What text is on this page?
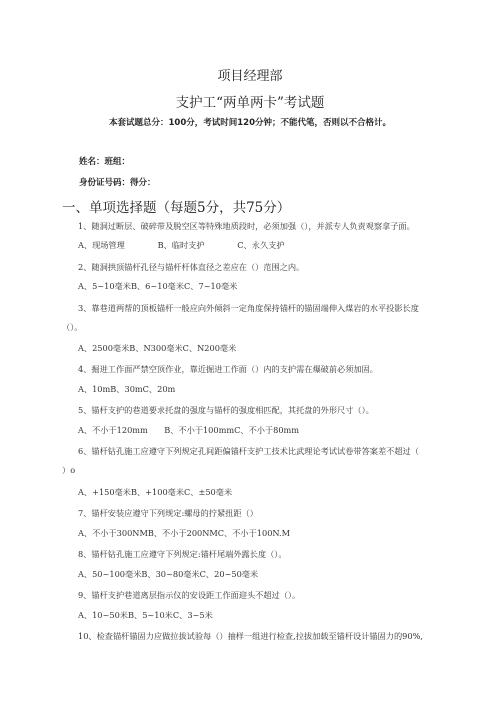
项目经理部
支护工“两单两卡”考试题
本套试题总分：100分，考试时间120分钟；不能代笔，否则以不合格计。
姓名：班组：
身份证号码：得分：
一、单项选择题（每题5分，共75分）
1、随洞过断层、破碎带及脱空区等特殊地质段时，必须加强（），并派专人负责观察拿子面。
A、现场管理　　　　B、临时支护　　　　C、永久支护
2、随洞拱顶锚杆孔径与锚杆杆体直径之差应在（）范围之内。
A、5~10毫米B、6~10毫米C、7~10毫米
3、靠巷道两帮的顶板锚杆一般应向外倾斜一定角度保持锚杆的锚固端伸入煤岩的水平投影长度
（）。
A、2500毫米B、N300毫米C、N200毫米
4、掘进工作面严禁空顶作业，靠近掘进工作面（）内的支护需在爆破前必须加固。
A、10mB、30mC、20m
5、锚杆支护的巷道要求托盘的强度与锚杆的强度相匹配，其托盘的外形尺寸（）。
A、不小于120mm　　B、不小于100mmC、不小于80mm
6、锚杆钻孔施工应遵守下列规定孔间距偏锚杆支护工技术比武理论考试试卷带答案差不超过（
）o
A、+150毫米B、+100毫米C、±50毫米
7、锚杆安装应遵守下列规定:螺母的拧紧扭距（）
A、不小于300NMB、不小于200NMC、不小于100N.M
8、锚杆钻孔施工应遵守下列规定:锚杆尾端外露长度（）。
A、50~100毫米B、30~80毫米C、20~50毫米
9、锚杆支护巷道离层指示仪的安设距工作面迎头不超过（）。
A、10~50米B、5~10米C、3~5米
10、检查锚杆锚固力应做拉拔试验每（）抽样一组进行检查,拉拔加载至锚杆设计锚固力的90%,
